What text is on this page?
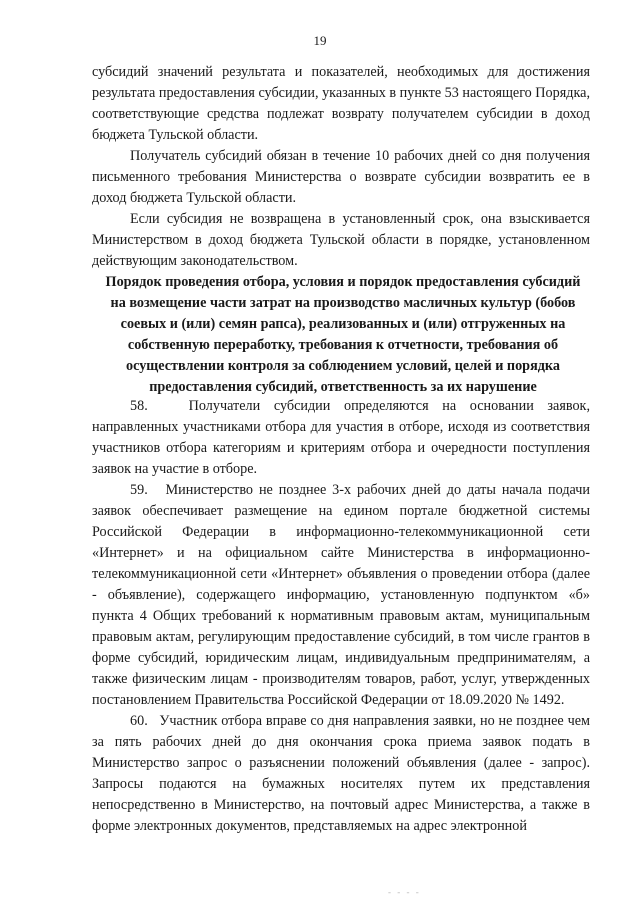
19

субсидий значений результата и показателей, необходимых для достижения результата предоставления субсидии, указанных в пункте 53 настоящего Порядка, соответствующие средства подлежат возврату получателем субсидии в доход бюджета Тульской области.

Получатель субсидий обязан в течение 10 рабочих дней со дня получения письменного требования Министерства о возврате субсидии возвратить ее в доход бюджета Тульской области.

Если субсидия не возвращена в установленный срок, она взыскивается Министерством в доход бюджета Тульской области в порядке, установленном действующим законодательством.

Порядок проведения отбора, условия и порядок предоставления субсидий на возмещение части затрат на производство масличных культур (бобов соевых и (или) семян рапса), реализованных и (или) отгруженных на собственную переработку, требования к отчетности, требования об осуществлении контроля за соблюдением условий, целей и порядка предоставления субсидий, ответственность за их нарушение

58.   Получатели субсидии определяются на основании заявок, направленных участниками отбора для участия в отборе, исходя из соответствия участников отбора категориям и критериям отбора и очередности поступления заявок на участие в отборе.

59.   Министерство не позднее 3-х рабочих дней до даты начала подачи заявок обеспечивает размещение на едином портале бюджетной системы Российской Федерации в информационно-телекоммуникационной сети «Интернет» и на официальном сайте Министерства в информационно-телекоммуникационной сети «Интернет» объявления о проведении отбора (далее - объявление), содержащего информацию, установленную подпунктом «б» пункта 4 Общих требований к нормативным правовым актам, муниципальным правовым актам, регулирующим предоставление субсидий, в том числе грантов в форме субсидий, юридическим лицам, индивидуальным предпринимателям, а также физическим лицам - производителям товаров, работ, услуг, утвержденных постановлением Правительства Российской Федерации от 18.09.2020 № 1492.

60.   Участник отбора вправе со дня направления заявки, но не позднее чем за пять рабочих дней до дня окончания срока приема заявок подать в Министерство запрос о разъяснении положений объявления (далее - запрос). Запросы подаются на бумажных носителях путем их представления непосредственно в Министерство, на почтовый адрес Министерства, а также в форме электронных документов, представляемых на адрес электронной

- - - -
